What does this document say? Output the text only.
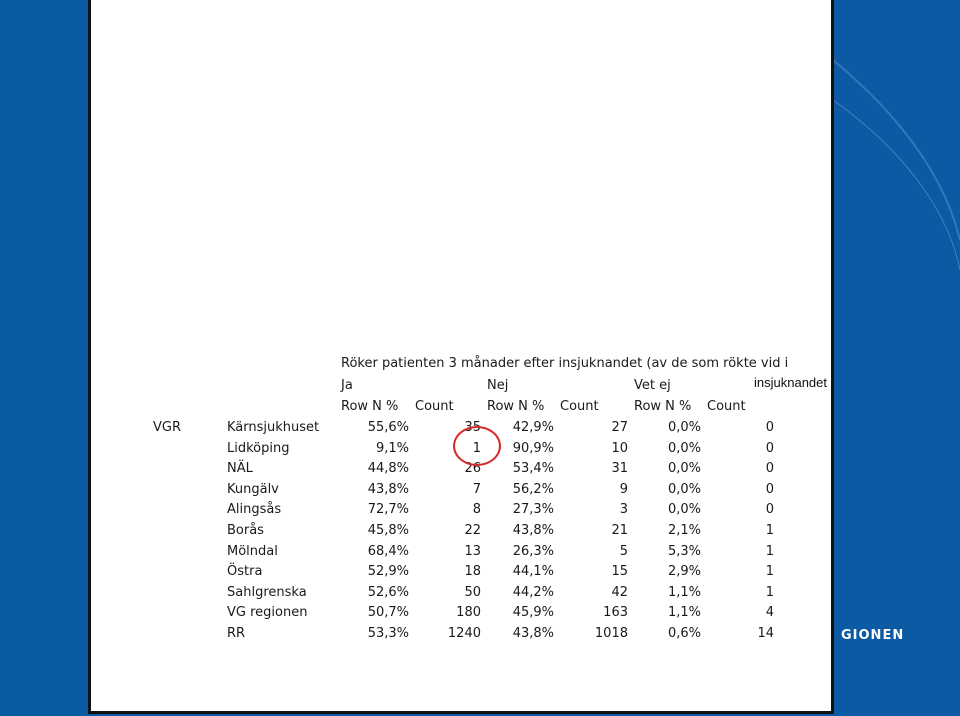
GIONEN
Röker patienten 3 månader efter insjuknandet (av de som rökte vid i
Ja	Nej	Vet ej
Row N % Count	Row N % Count	Row N % Count
VGR	Kärnsjukhuset	55,6%	35	42,9%	27	0,0%	0
Lidköping	9,1%	1	90,9%	10	0,0%	0
NÄL	44,8%	26	53,4%	31	0,0%	0
Kungälv	43,8%	7	56,2%	9	0,0%	0
Alingsås	72,7%	8	27,3%	3	0,0%	0
Borås	45,8%	22	43,8%	21	2,1%	1
Mölndal	68,4%	13	26,3%	5	5,3%	1
Östra	52,9%	18	44,1%	15	2,9%	1
Sahlgrenska	52,6%	50	44,2%	42	1,1%	1
VG regionen	50,7%	180	45,9%	163	1,1%	4
RR	53,3%	1240	43,8%	1018	0,6%	14
insjuknandet
